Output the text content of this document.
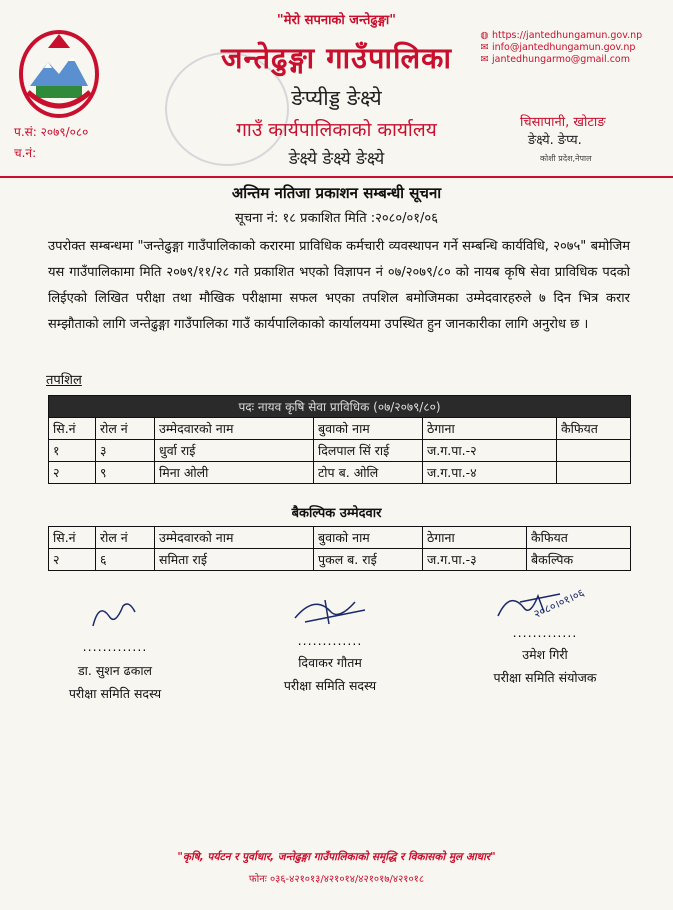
"मेरो सपनाको जन्तेढुङ्गा"
जन्तेढुङ्गा गाउँपालिका
ङेप्यीड्ड ङेक्ष्ये
गाउँ कार्यपालिकाको कार्यालय
ङेक्ष्ये ङेक्ष्ये ङेक्ष्ये
◍ https://jantedhungamun.gov.np
✉ info@jantedhungamun.gov.np
✉ jantedhungarmo@gmail.com
प.सं: २०७९/०८०
च.नं:
चिसापानी, खोटाङ
ङेक्ष्ये. ङेप्य.
कोशी प्रदेश,नेपाल
अन्तिम नतिजा प्रकाशन सम्बन्धी सूचना
सूचना नं: १८ प्रकाशित मिति :२०८०/०१/०६
उपरोक्त सम्बन्धमा "जन्तेढुङ्गा गाउँपालिकाको करारमा प्राविधिक कर्मचारी व्यवस्थापन गर्ने सम्बन्धि कार्यविधि, २०७५" बमोजिम यस गाउँपालिकामा मिति २०७९/११/२८ गते प्रकाशित भएको विज्ञापन नं ०७/२०७९/८० को नायब कृषि सेवा प्राविधिक पदको लिईएको लिखित परीक्षा तथा मौखिक परीक्षामा सफल भएका तपशिल बमोजिमका उम्मेदवारहरुले ७ दिन भित्र करार सम्झौताको लागि जन्तेढुङ्गा गाउँपालिका गाउँ कार्यपालिकाको कार्यालयमा उपस्थित हुन जानकारीका लागि अनुरोध छ ।
तपशिल
पदः नायव कृषि सेवा प्राविधिक (०७/२०७९/८०)					
सि.नं	रोल नं	उम्मेदवारको नाम	बुवाको नाम	ठेगाना	कैफियत
१	३	धुर्वा राई	दिलपाल सिं राई	ज.ग.पा.-२	
२	९	मिना ओली	टोप ब. ओलि	ज.ग.पा.-४	
बैकल्पिक उम्मेदवार
सि.नं	रोल नं	उम्मेदवारको नाम	बुवाको नाम	ठेगाना	कैफियत
२	६	समिता राई	पुकल ब. राई	ज.ग.पा.-३	बैकल्पिक
.............
डा. सुशन ढकाल
परीक्षा समिति सदस्य
.............
दिवाकर गौतम
परीक्षा समिति सदस्य
२०८०।०१।०६
.............
उमेश गिरी
परीक्षा समिति संयोजक
"कृषि, पर्यटन र पुर्वाधार, जन्तेढुङ्गा गाउँपालिकाको समृद्धि र विकासको मुल आधार"
फोनः ०३६-४२१०१३/४२१०१४/४२१०१७/४२१०१८
